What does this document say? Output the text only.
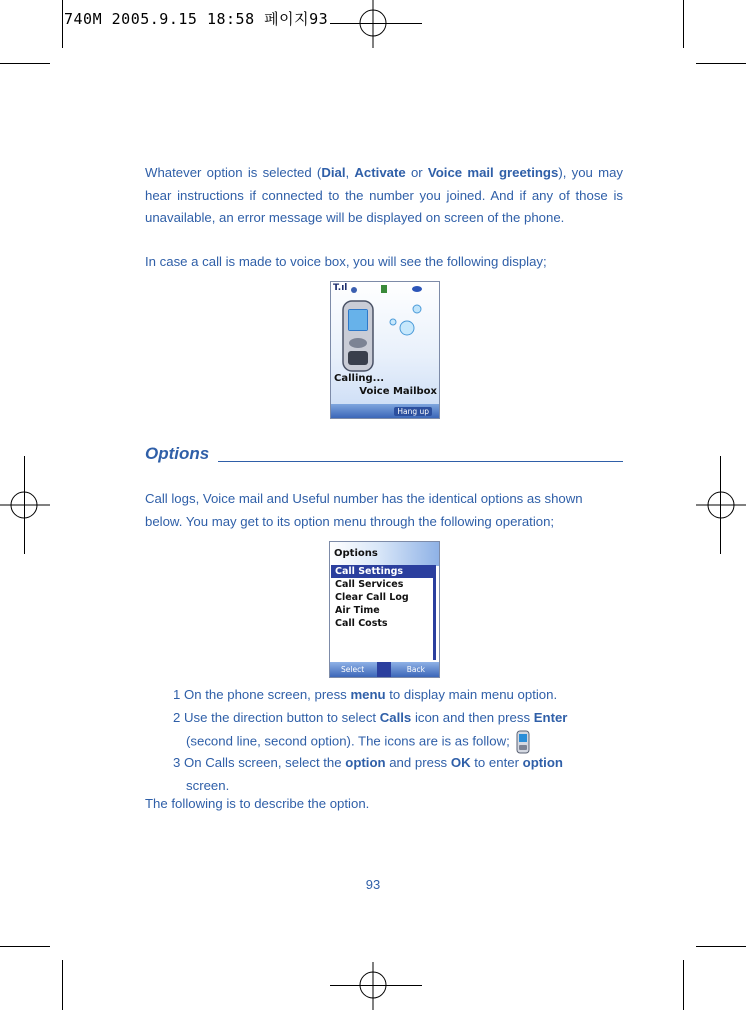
740M 2005.9.15 18:58 페이지93
Whatever option is selected (Dial, Activate or Voice mail greetings), you may hear instructions if connected to the number you joined. And if any of those is unavailable, an error message will be displayed on screen of the phone.
In case a call is made to voice box, you will see the following display;
T.ıl
Calling...
Voice Mailbox
Hang up
Options
Call logs, Voice mail and Useful number has the identical options as shown
below. You may get to its option menu through the following operation;
Options
Call Settings
Call Services
Clear Call Log
Air Time
Call Costs
Select	Back
1 On the phone screen, press menu to display main menu option.
2 Use the direction button to select Calls icon and then press Enter
(second line, second option). The icons are is as follow;
3 On Calls screen, select the option and press OK to enter option
screen.
The following is to describe the option.
93
